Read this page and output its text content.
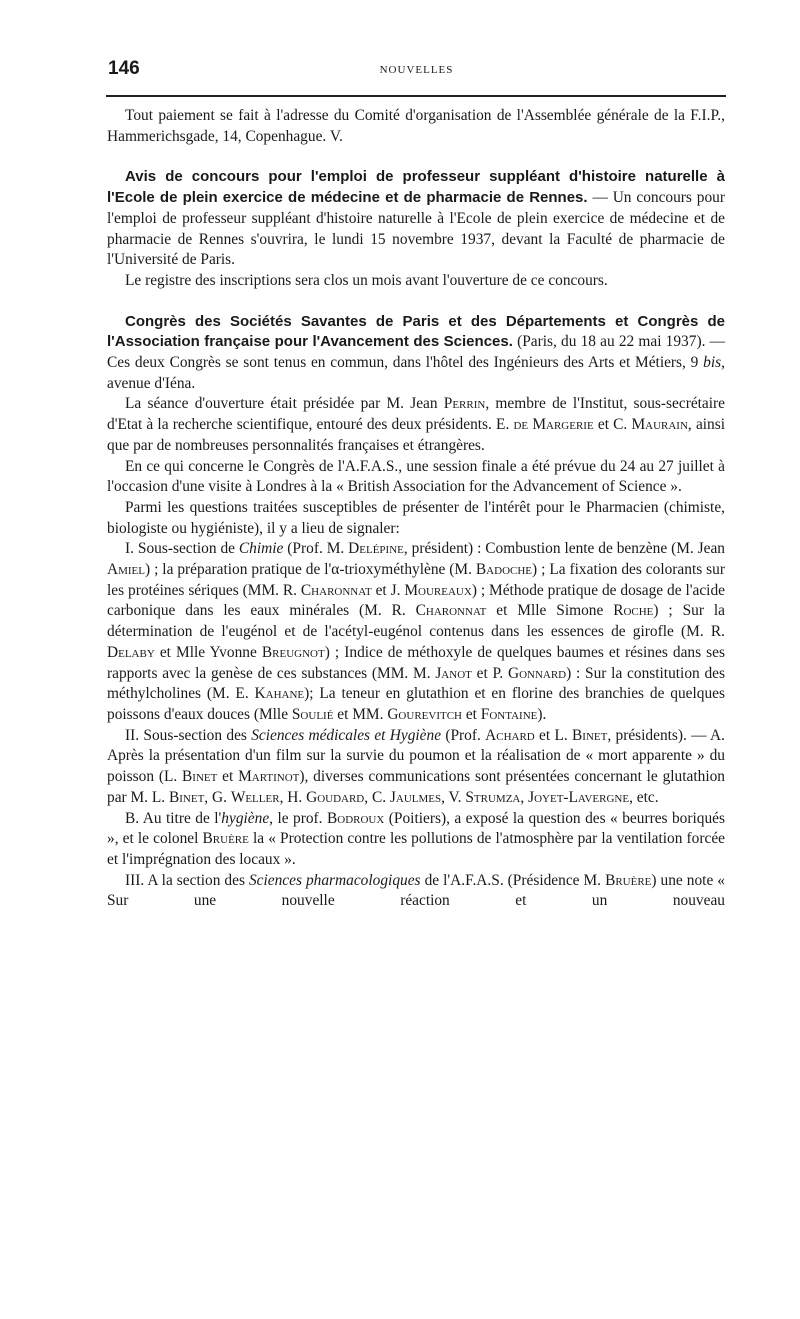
146	NOUVELLES

Tout paiement se fait à l'adresse du Comité d'organisation de l'Assemblée générale de la F.I.P., Hammerichsgade, 14, Copenhague. V.

Avis de concours pour l'emploi de professeur suppléant d'histoire naturelle à l'Ecole de plein exercice de médecine et de pharmacie de Rennes. — Un concours pour l'emploi de professeur suppléant d'histoire naturelle à l'Ecole de plein exercice de médecine et de pharmacie de Rennes s'ouvrira, le lundi 15 novembre 1937, devant la Faculté de pharmacie de l'Université de Paris.

Le registre des inscriptions sera clos un mois avant l'ouverture de ce concours.

Congrès des Sociétés Savantes de Paris et des Départements et Congrès de l'Association française pour l'Avancement des Sciences. (Paris, du 18 au 22 mai 1937). — Ces deux Congrès se sont tenus en commun, dans l'hôtel des Ingénieurs des Arts et Métiers, 9 bis, avenue d'Iéna.

La séance d'ouverture était présidée par M. Jean Perrin, membre de l'Institut, sous-secrétaire d'Etat à la recherche scientifique, entouré des deux présidents. E. de Margerie et C. Maurain, ainsi que par de nombreuses personnalités françaises et étrangères.

En ce qui concerne le Congrès de l'A.F.A.S., une session finale a été prévue du 24 au 27 juillet à l'occasion d'une visite à Londres à la « British Association for the Advancement of Science ».

Parmi les questions traitées susceptibles de présenter de l'intérêt pour le Pharmacien (chimiste, biologiste ou hygiéniste), il y a lieu de signaler:

I. Sous-section de Chimie (Prof. M. Delépine, président) : Combustion lente de benzène (M. Jean Amiel) ; la préparation pratique de l'α-trioxyméthylène (M. Badoche) ; La fixation des colorants sur les protéines sériques (MM. R. Charonnat et J. Moureaux) ; Méthode pratique de dosage de l'acide carbonique dans les eaux minérales (M. R. Charonnat et Mlle Simone Roche) ; Sur la détermination de l'eugénol et de l'acétyl-eugénol contenus dans les essences de girofle (M. R. Delaby et Mlle Yvonne Breugnot) ; Indice de méthoxyle de quelques baumes et résines dans ses rapports avec la genèse de ces substances (MM. M. Janot et P. Gonnard) : Sur la constitution des méthylcholines (M. E. Kahane); La teneur en glutathion et en florine des branchies de quelques poissons d'eaux douces (Mlle Soulié et MM. Gourevitch et Fontaine).

II. Sous-section des Sciences médicales et Hygiène (Prof. Achard et L. Binet, présidents). — A. Après la présentation d'un film sur la survie du poumon et la réalisation de « mort apparente » du poisson (L. Binet et Martinot), diverses communications sont présentées concernant le glutathion par M. L. Binet, G. Weller, H. Goudard, C. Jaulmes, V. Strumza, Joyet-Lavergne, etc.

B. Au titre de l'hygiène, le prof. Bodroux (Poitiers), a exposé la question des « beurres boriqués », et le colonel Bruère la « Protection contre les pollutions de l'atmosphère par la ventilation forcée et l'imprégnation des locaux ».

III. A la section des Sciences pharmacologiques de l'A.F.A.S. (Présidence M. Bruère) une note « Sur une nouvelle réaction et un nouveau
